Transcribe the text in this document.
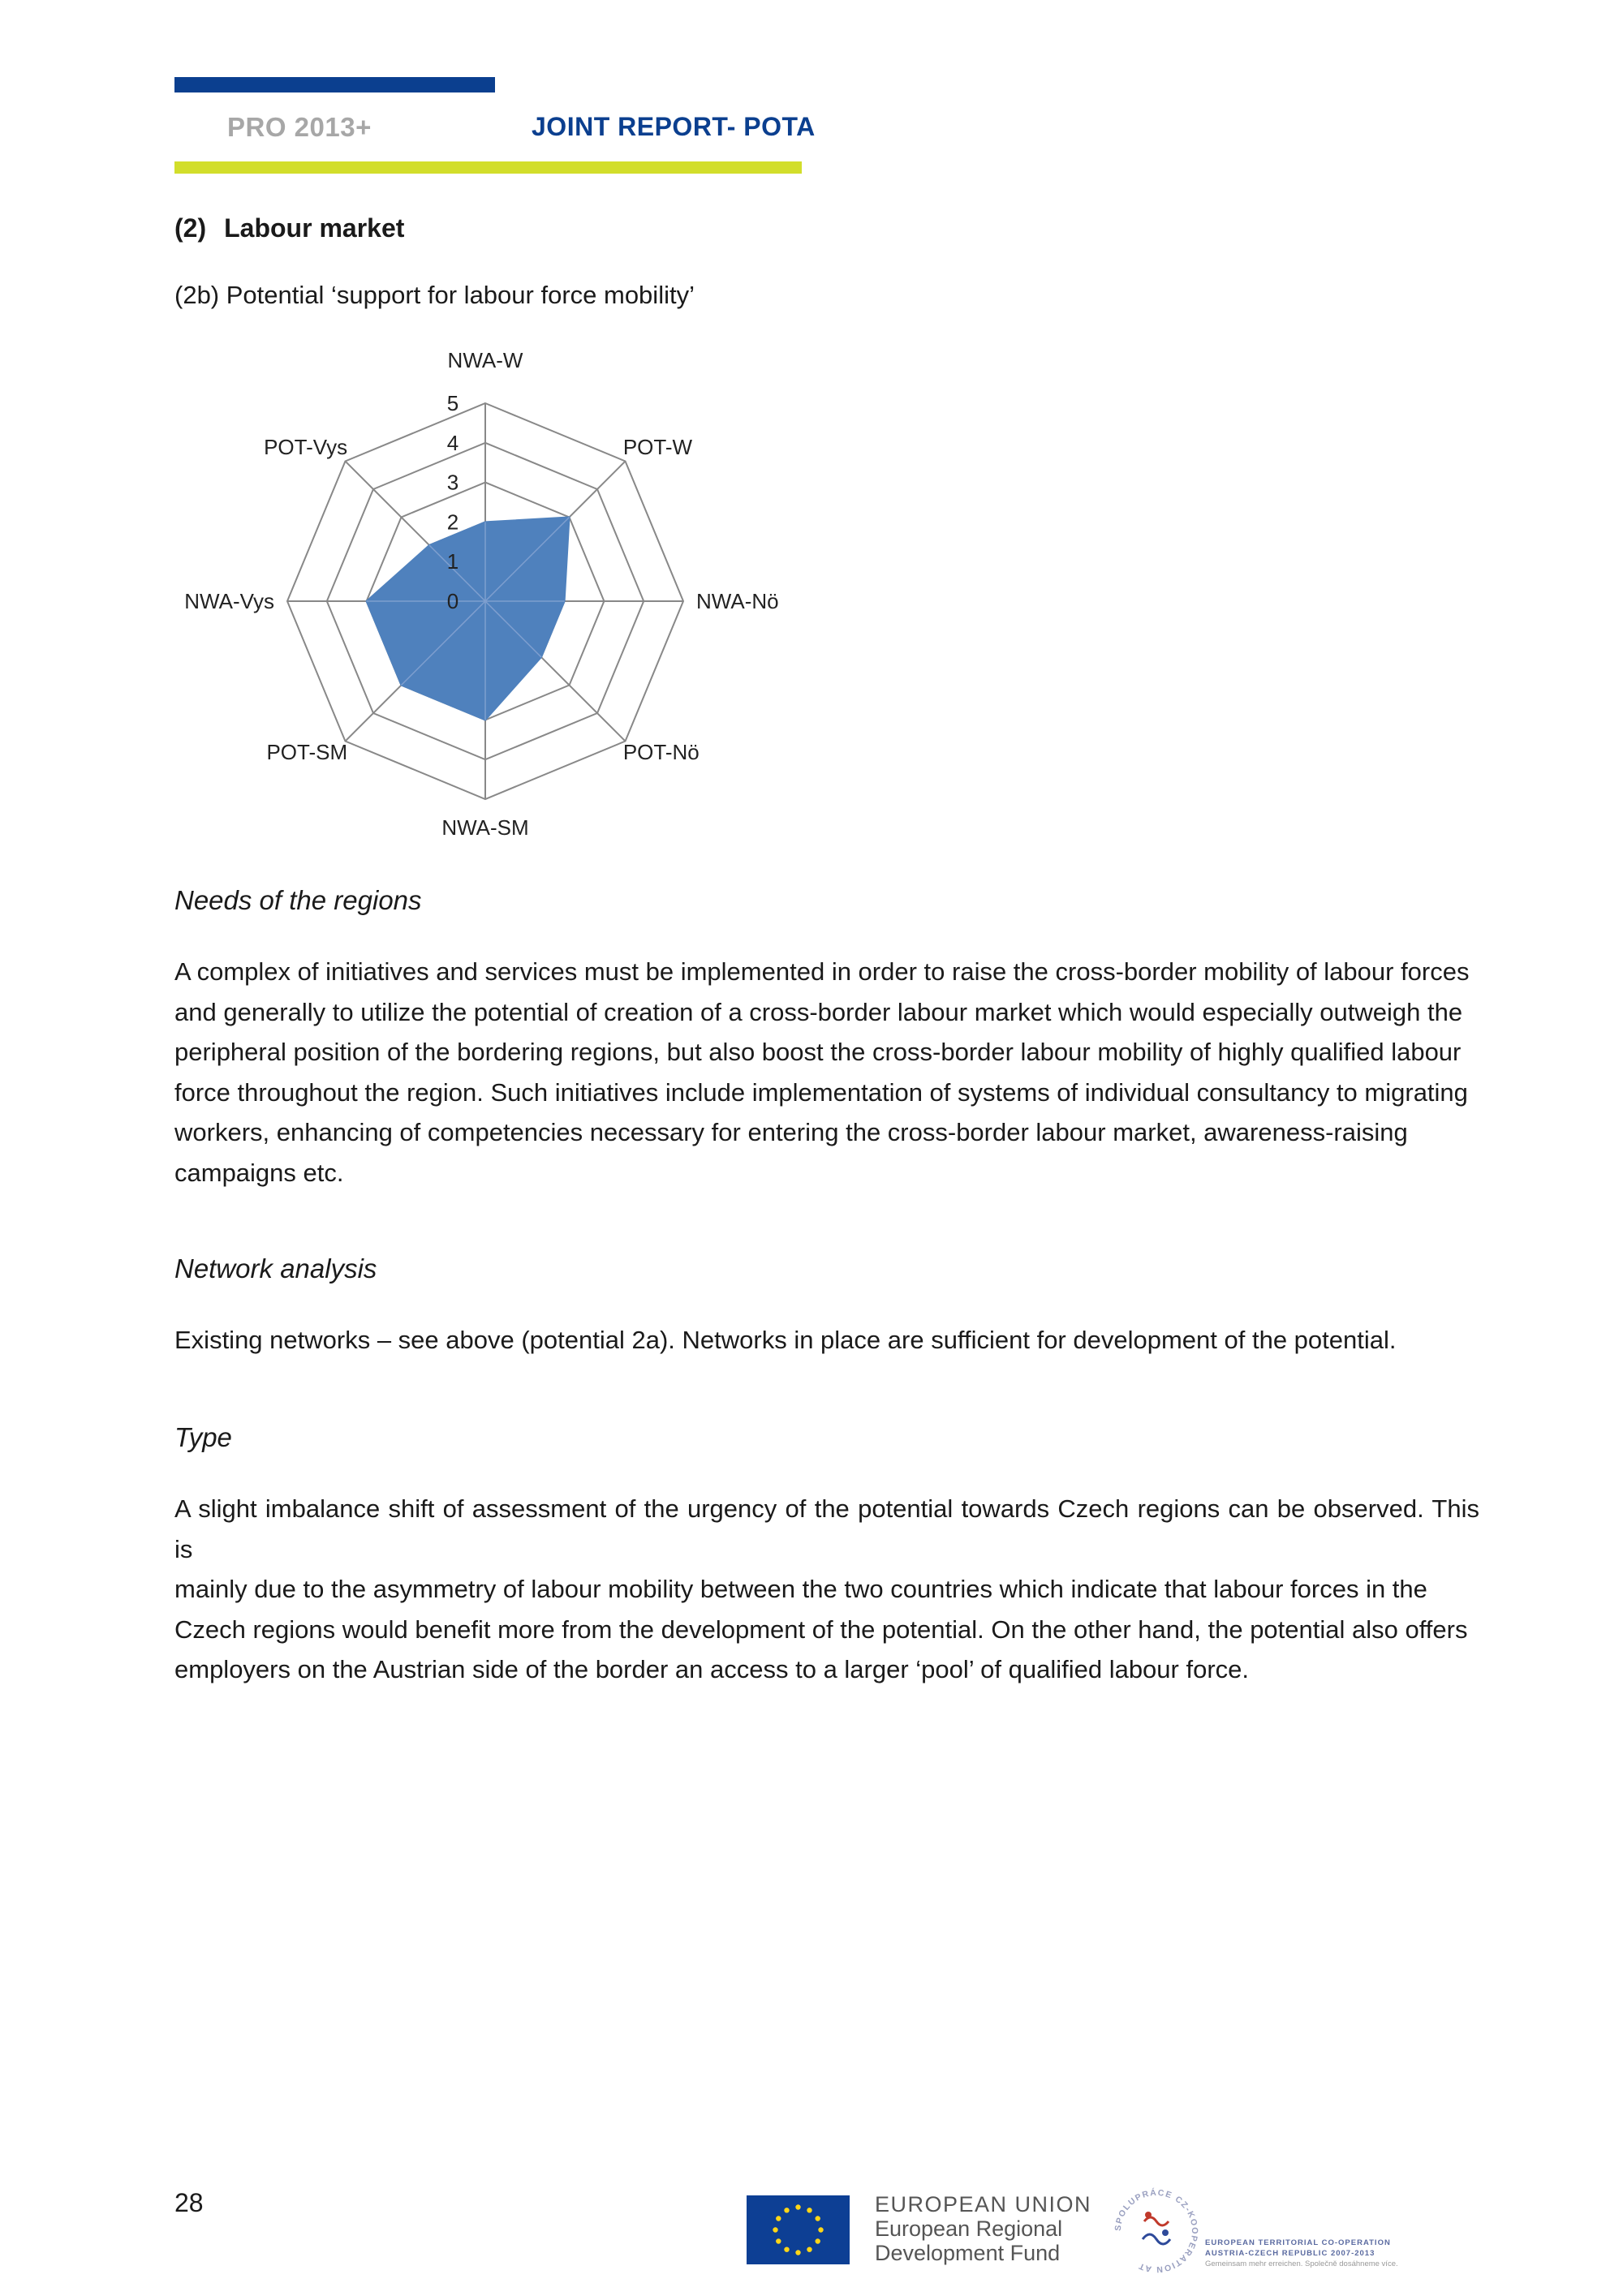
PRO 2013+	JOINT REPORT- POTA
(2) Labour market
(2b) Potential ‘support for labour force mobility’
0
1
2
3
4
5
NWA-W
POT-W
NWA-Nö
POT-Nö
NWA-SM
POT-SM
NWA-Vys
POT-Vys
Needs of the regions
A complex of initiatives and services must be implemented in order to raise the cross-border mobility of labour forces
and generally to utilize the potential of creation of a cross-border labour market which would especially outweigh the
peripheral position of the bordering regions, but also boost the cross-border labour mobility of highly qualified labour
force throughout the region. Such initiatives include implementation of systems of individual consultancy to migrating
workers, enhancing of competencies necessary for entering the cross-border labour market, awareness-raising
campaigns etc.
Network analysis
Existing networks – see above (potential 2a). Networks in place are sufficient for development of the potential.
Type
A slight imbalance shift of assessment of the urgency of the potential towards Czech regions can be observed. This is
mainly due to the asymmetry of labour mobility between the two countries which indicate that labour forces in the
Czech regions would benefit more from the development of the potential. On the other hand, the potential also offers
employers on the Austrian side of the border an access to a larger ‘pool’ of qualified labour force.
28	EUROPEAN UNION
European Regional
Development Fund
SPOLUPRÁCE CZ-KOOPERATION AT
EUROPEAN TERRITORIAL CO-OPERATION
AUSTRIA-CZECH REPUBLIC 2007-2013
Gemeinsam mehr erreichen. Společně dosáhneme více.
